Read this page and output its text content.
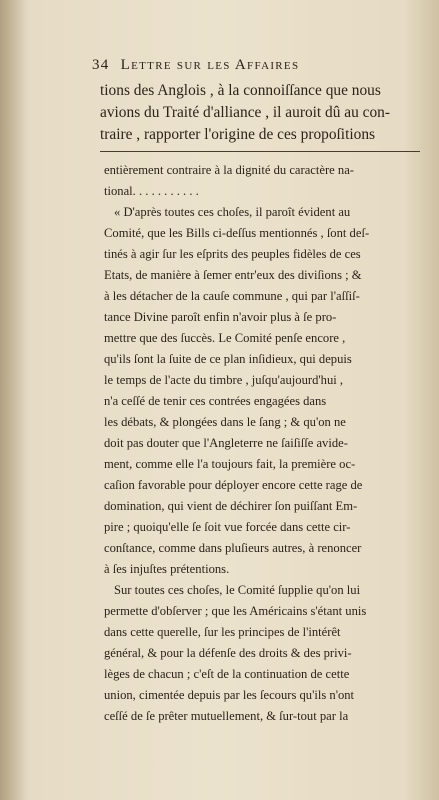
34 Lettre sur les Affaires
tions des Anglois , à la connoiſſance que nous
avions du Traité d'alliance , il auroit dû au con-
traire , rapporter l'origine de ces propoſitions
entièrement contraire à la dignité du caractère na-
tional. . . . . . . . . . .
« D'après toutes ces choſes, il paroît évident au
Comité, que les Bills ci-deſſus mentionnés , ſont deſ-
tinés à agir ſur les eſprits des peuples fidèles de ces
Etats, de manière à ſemer entr'eux des diviſions ; &
à les détacher de la cauſe commune , qui par l'aſſiſ-
tance Divine paroît enfin n'avoir plus à ſe pro-
mettre que des ſuccès. Le Comité penſe encore ,
qu'ils ſont la ſuite de ce plan inſidieux, qui depuis
le temps de l'acte du timbre , juſqu'aujourd'hui ,
n'a ceſſé de tenir ces contrées engagées dans
les débats, & plongées dans le ſang ; & qu'on ne
doit pas douter que l'Angleterre ne ſaiſiſſe avide-
ment, comme elle l'a toujours fait, la première oc-
caſion favorable pour déployer encore cette rage de
domination, qui vient de déchirer ſon puiſſant Em-
pire ; quoiqu'elle ſe ſoit vue forcée dans cette cir-
conſtance, comme dans pluſieurs autres, à renoncer
à ſes injuſtes prétentions.
Sur toutes ces choſes, le Comité ſupplie qu'on lui
permette d'obſerver ; que les Américains s'étant unis
dans cette querelle, ſur les principes de l'intérêt
général, & pour la défenſe des droits & des privi-
lèges de chacun ; c'eſt de la continuation de cette
union, cimentée depuis par les ſecours qu'ils n'ont
ceſſé de ſe prêter mutuellement, & ſur-tout par la
